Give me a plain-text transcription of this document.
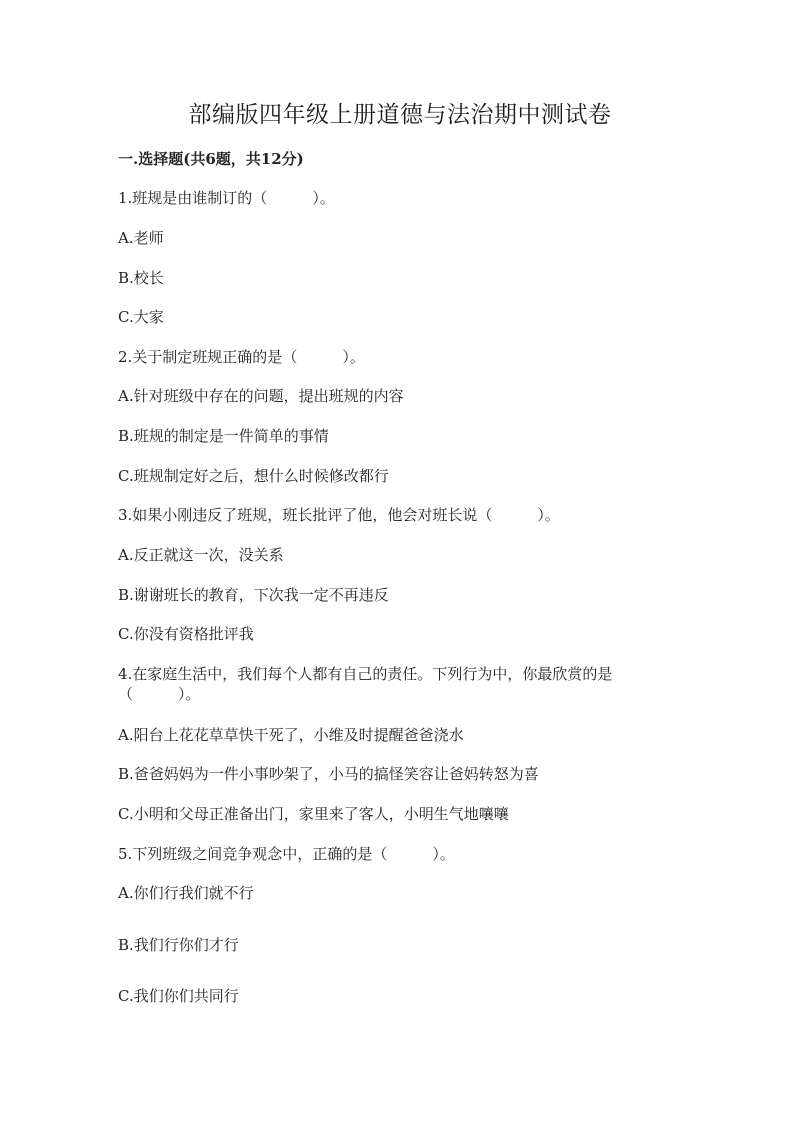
部编版四年级上册道德与法治期中测试卷
一.选择题(共6题，共12分)
1.班规是由谁制订的（　　　）。
A.老师
B.校长
C.大家
2.关于制定班规正确的是（　　　）。
A.针对班级中存在的问题，提出班规的内容
B.班规的制定是一件简单的事情
C.班规制定好之后，想什么时候修改都行
3.如果小刚违反了班规，班长批评了他，他会对班长说（　　　）。
A.反正就这一次，没关系
B.谢谢班长的教育，下次我一定不再违反
C.你没有资格批评我
4.在家庭生活中，我们每个人都有自己的责任。下列行为中，你最欣赏的是（　　　）。
A.阳台上花花草草快干死了，小维及时提醒爸爸浇水
B.爸爸妈妈为一件小事吵架了，小马的搞怪笑容让爸妈转怒为喜
C.小明和父母正准备出门，家里来了客人，小明生气地嚷嚷
5.下列班级之间竞争观念中，正确的是（　　　）。
A.你们行我们就不行
B.我们行你们才行
C.我们你们共同行
